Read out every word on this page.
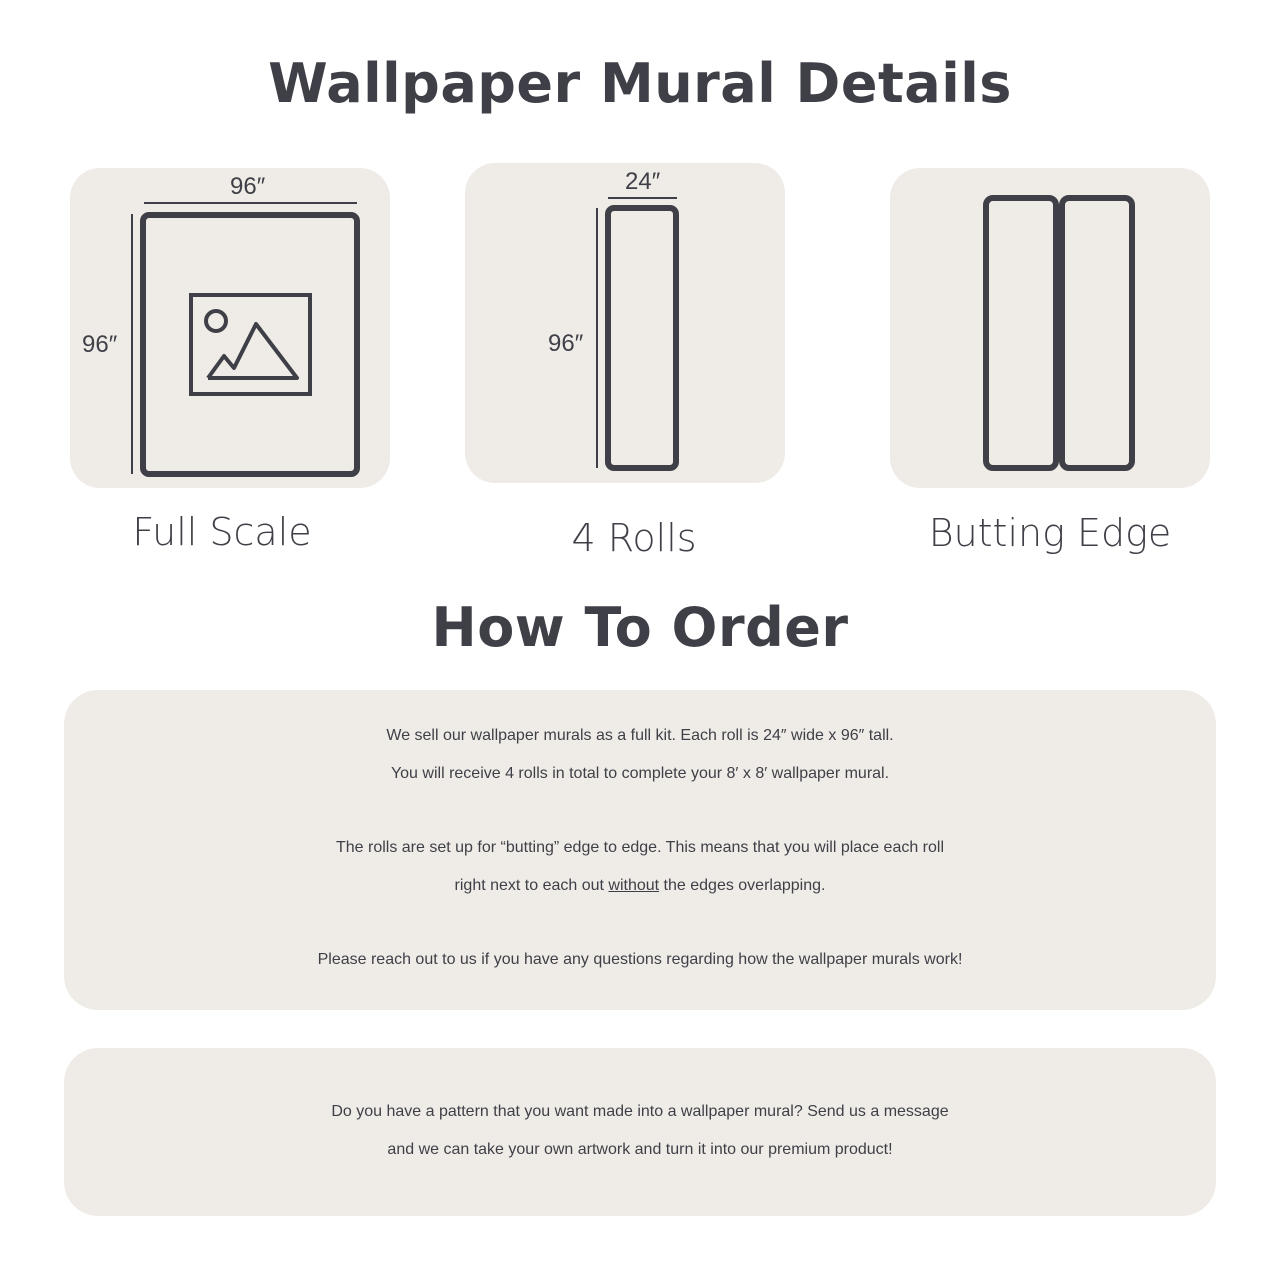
Wallpaper Mural Details
96″
96″
Full Scale
24″
96″
4 Rolls	Butting Edge
How To Order
We sell our wallpaper murals as a full kit. Each roll is 24″ wide x 96″ tall.
You will receive 4 rolls in total to complete your 8′ x 8′ wallpaper mural.
The rolls are set up for “butting” edge to edge. This means that you will place each roll
right next to each out without the edges overlapping.
Please reach out to us if you have any questions regarding how the wallpaper murals work!
Do you have a pattern that you want made into a wallpaper mural? Send us a message
and we can take your own artwork and turn it into our premium product!
